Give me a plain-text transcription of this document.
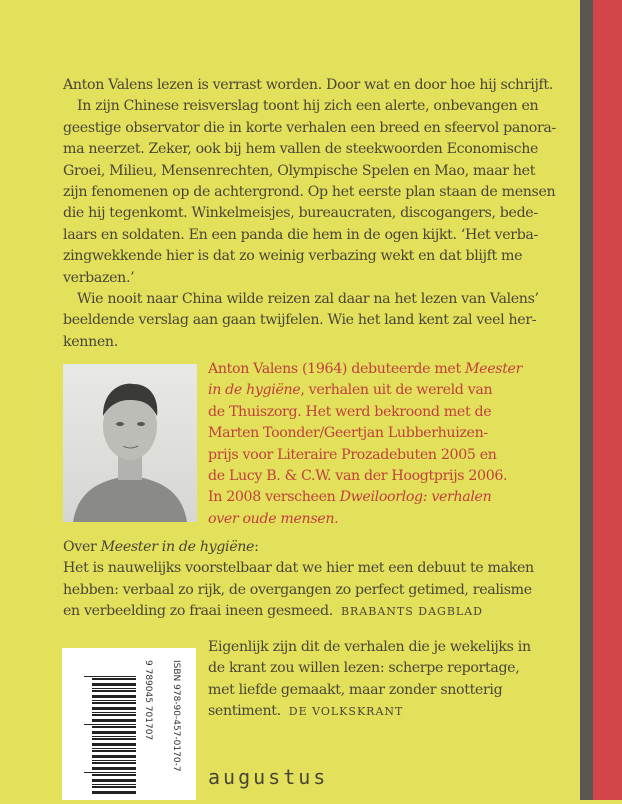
Anton Valens lezen is verrast worden. Door wat en door hoe hij schrijft.
In zijn Chinese reisverslag toont hij zich een alerte, onbevangen en
geestige observator die in korte verhalen een breed en sfeervol panora-
ma neerzet. Zeker, ook bij hem vallen de steekwoorden Economische
Groei, Milieu, Mensenrechten, Olympische Spelen en Mao, maar het
zijn fenomenen op de achtergrond. Op het eerste plan staan de mensen
die hij tegenkomt. Winkelmeisjes, bureaucraten, discogangers, bede-
laars en soldaten. En een panda die hem in de ogen kijkt. ‘Het verba-
zingwekkende hier is dat zo weinig verbazing wekt en dat blijft me
verbazen.’
Wie nooit naar China wilde reizen zal daar na het lezen van Valens’
beeldende verslag aan gaan twijfelen. Wie het land kent zal veel her-
kennen.
Anton Valens (1964) debuteerde met Meester
in de hygiëne, verhalen uit de wereld van
de Thuiszorg. Het werd bekroond met de
Marten Toonder/Geertjan Lubberhuizen-
prijs voor Literaire Prozadebuten 2005 en
de Lucy B. & C.W. van der Hoogtprijs 2006.
In 2008 verscheen Dweiloorlog: verhalen
over oude mensen.
Over Meester in de hygiëne:
Het is nauwelijks voorstelbaar dat we hier met een debuut te maken
hebben: verbaal zo rijk, de overgangen zo perfect getimed, realisme
en verbeelding zo fraai ineen gesmeed. BRABANTS DAGBLAD
9 789045 701707 ISBN 978-90-457-0170-7
Eigenlijk zijn dit de verhalen die je wekelijks in
de krant zou willen lezen: scherpe reportage,
met liefde gemaakt, maar zonder snotterig
sentiment. DE VOLKSKRANT
augustus
